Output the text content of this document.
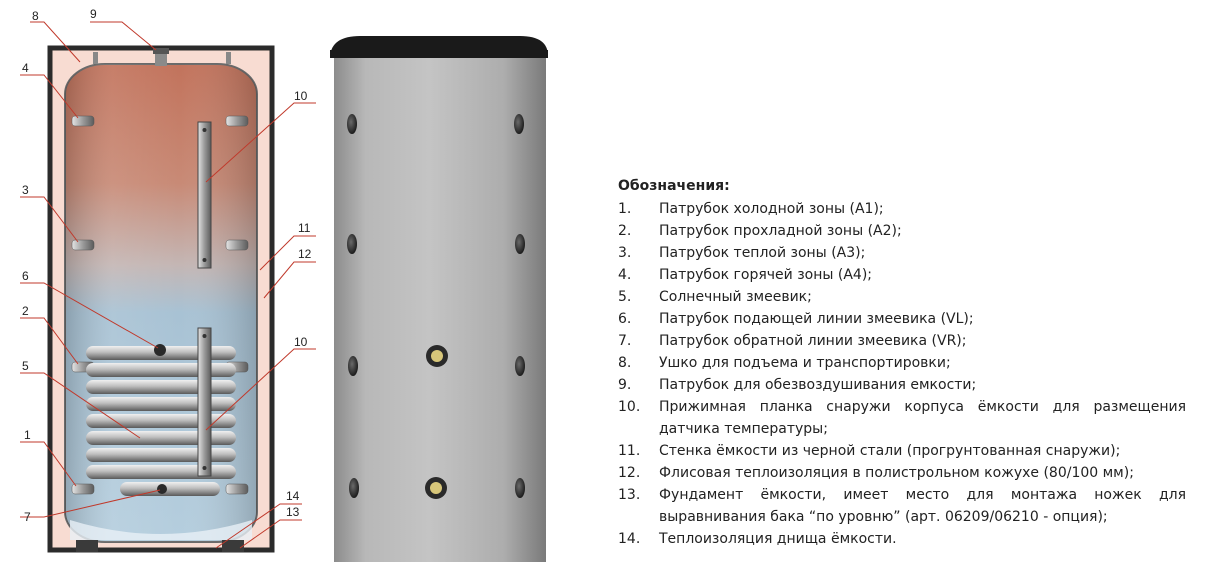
8	9
4
3
6
2
5
1
7
10
11
12
10
14
13
Обозначения:
1.	Патрубок холодной зоны (А1);
2.	Патрубок прохладной зоны (А2);
3.	Патрубок теплой зоны (А3);
4.	Патрубок горячей зоны (А4);
5.	Солнечный змеевик;
6.	Патрубок подающей линии змеевика (VL);
7.	Патрубок обратной линии змеевика (VR);
8.	Ушко для подъема и транспортировки;
9.	Патрубок для обезвоздушивания емкости;
10.	Прижимная планка снаружи корпуса ёмкости для размещения датчика температуры;
11.	Стенка ёмкости из черной стали (прогрунтованная снаружи);
12.	Флисовая теплоизоляция в полистрольном кожухе (80/100 мм);
13.	Фундамент ёмкости, имеет место для монтажа ножек для выравнивания бака “по уровню” (арт. 06209/06210 - опция);
14.	Теплоизоляция днища ёмкости.
